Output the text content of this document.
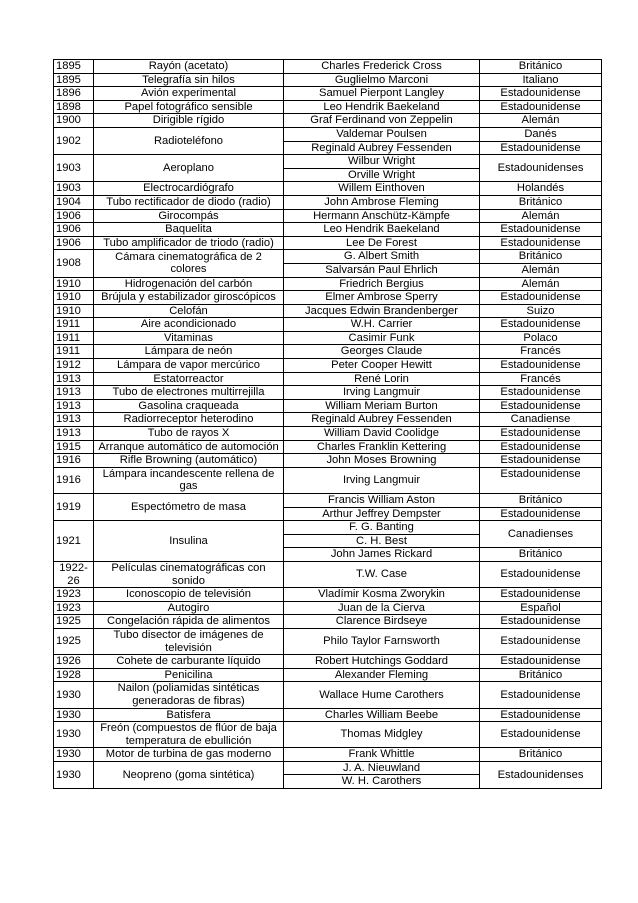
1895	Rayón (acetato)	Charles Frederick Cross	Británico
1895	Telegrafía sin hilos	Guglielmo Marconi	Italiano
1896	Avión experimental	Samuel Pierpont Langley	Estadounidense
1898	Papel fotográfico sensible	Leo Hendrik Baekeland	Estadounidense
1900	Dirigible rígido	Graf Ferdinand von Zeppelin	Alemán
1902	Radioteléfono	Valdemar Poulsen	Danés
		Reginald Aubrey Fessenden	Estadounidense
1903	Aeroplano	Wilbur Wright	Estadounidenses
		Orville Wright	
1903	Electrocardiógrafo	Willem Einthoven	Holandés
1904	Tubo rectificador de diodo (radio)	John Ambrose Fleming	Británico
1906	Girocompás	Hermann Anschütz-Kämpfe	Alemán
1906	Baquelita	Leo Hendrik Baekeland	Estadounidense
1906	Tubo amplificador de triodo (radio)	Lee De Forest	Estadounidense
1908	Cámara cinematográfica de 2 colores	G. Albert Smith	Británico
		Salvarsán Paul Ehrlich	Alemán
1910	Hidrogenación del carbón	Friedrich Bergius	Alemán
1910	Brújula y estabilizador giroscópicos	Elmer Ambrose Sperry	Estadounidense
1910	Celofán	Jacques Edwin Brandenberger	Suizo
1911	Aire acondicionado	W.H. Carrier	Estadounidense
1911	Vitaminas	Casimir Funk	Polaco
1911	Lámpara de neón	Georges Claude	Francés
1912	Lámpara de vapor mercúrico	Peter Cooper Hewitt	Estadounidense
1913	Estatorreactor	René Lorin	Francés
1913	Tubo de electrones multirrejilla	Irving Langmuir	Estadounidense
1913	Gasolina craqueada	William Meriam Burton	Estadounidense
1913	Radiorreceptor heterodino	Reginald Aubrey Fessenden	Canadiense
1913	Tubo de rayos X	William David Coolidge	Estadounidense
1915	Arranque automático de automoción	Charles Franklin Kettering	Estadounidense

1916	Rifle Browning (automático)	John Moses Browning	Estadounidense
1916	Lámpara incandescente rellena de gas	Irving Langmuir	Estadounidense

1919	Espectómetro de masa	Francis William Aston	Británico
		Arthur Jeffrey Dempster	Estadounidense
1921	Insulina	F. G. Banting	Canadienses
		C. H. Best	
		John James Rickard	Británico
1922-26	Películas cinematográficas con sonido	T.W. Case	Estadounidense

1923	Iconoscopio de televisión	Vladímir Kosma Zworykin	Estadounidense
1923	Autogiro	Juan de la Cierva	Español
1925	Congelación rápida de alimentos	Clarence Birdseye	Estadounidense
1925	Tubo disector de imágenes de televisión	Philo Taylor Farnsworth	Estadounidense

1926	Cohete de carburante líquido	Robert Hutchings Goddard	Estadounidense
1928	Penicilina	Alexander Fleming	Británico
1930	Nailon (poliamidas sintéticas generadoras de fibras)	Wallace Hume Carothers	Estadounidense

1930	Batisfera	Charles William Beebe	Estadounidense
1930	Freón (compuestos de flúor de baja temperatura de ebullición	Thomas Midgley	Estadounidense

1930	Motor de turbina de gas moderno	Frank Whittle	Británico
1930	Neopreno (goma sintética)	J. A. Nieuwland	Estadounidenses
		W. H. Carothers	
